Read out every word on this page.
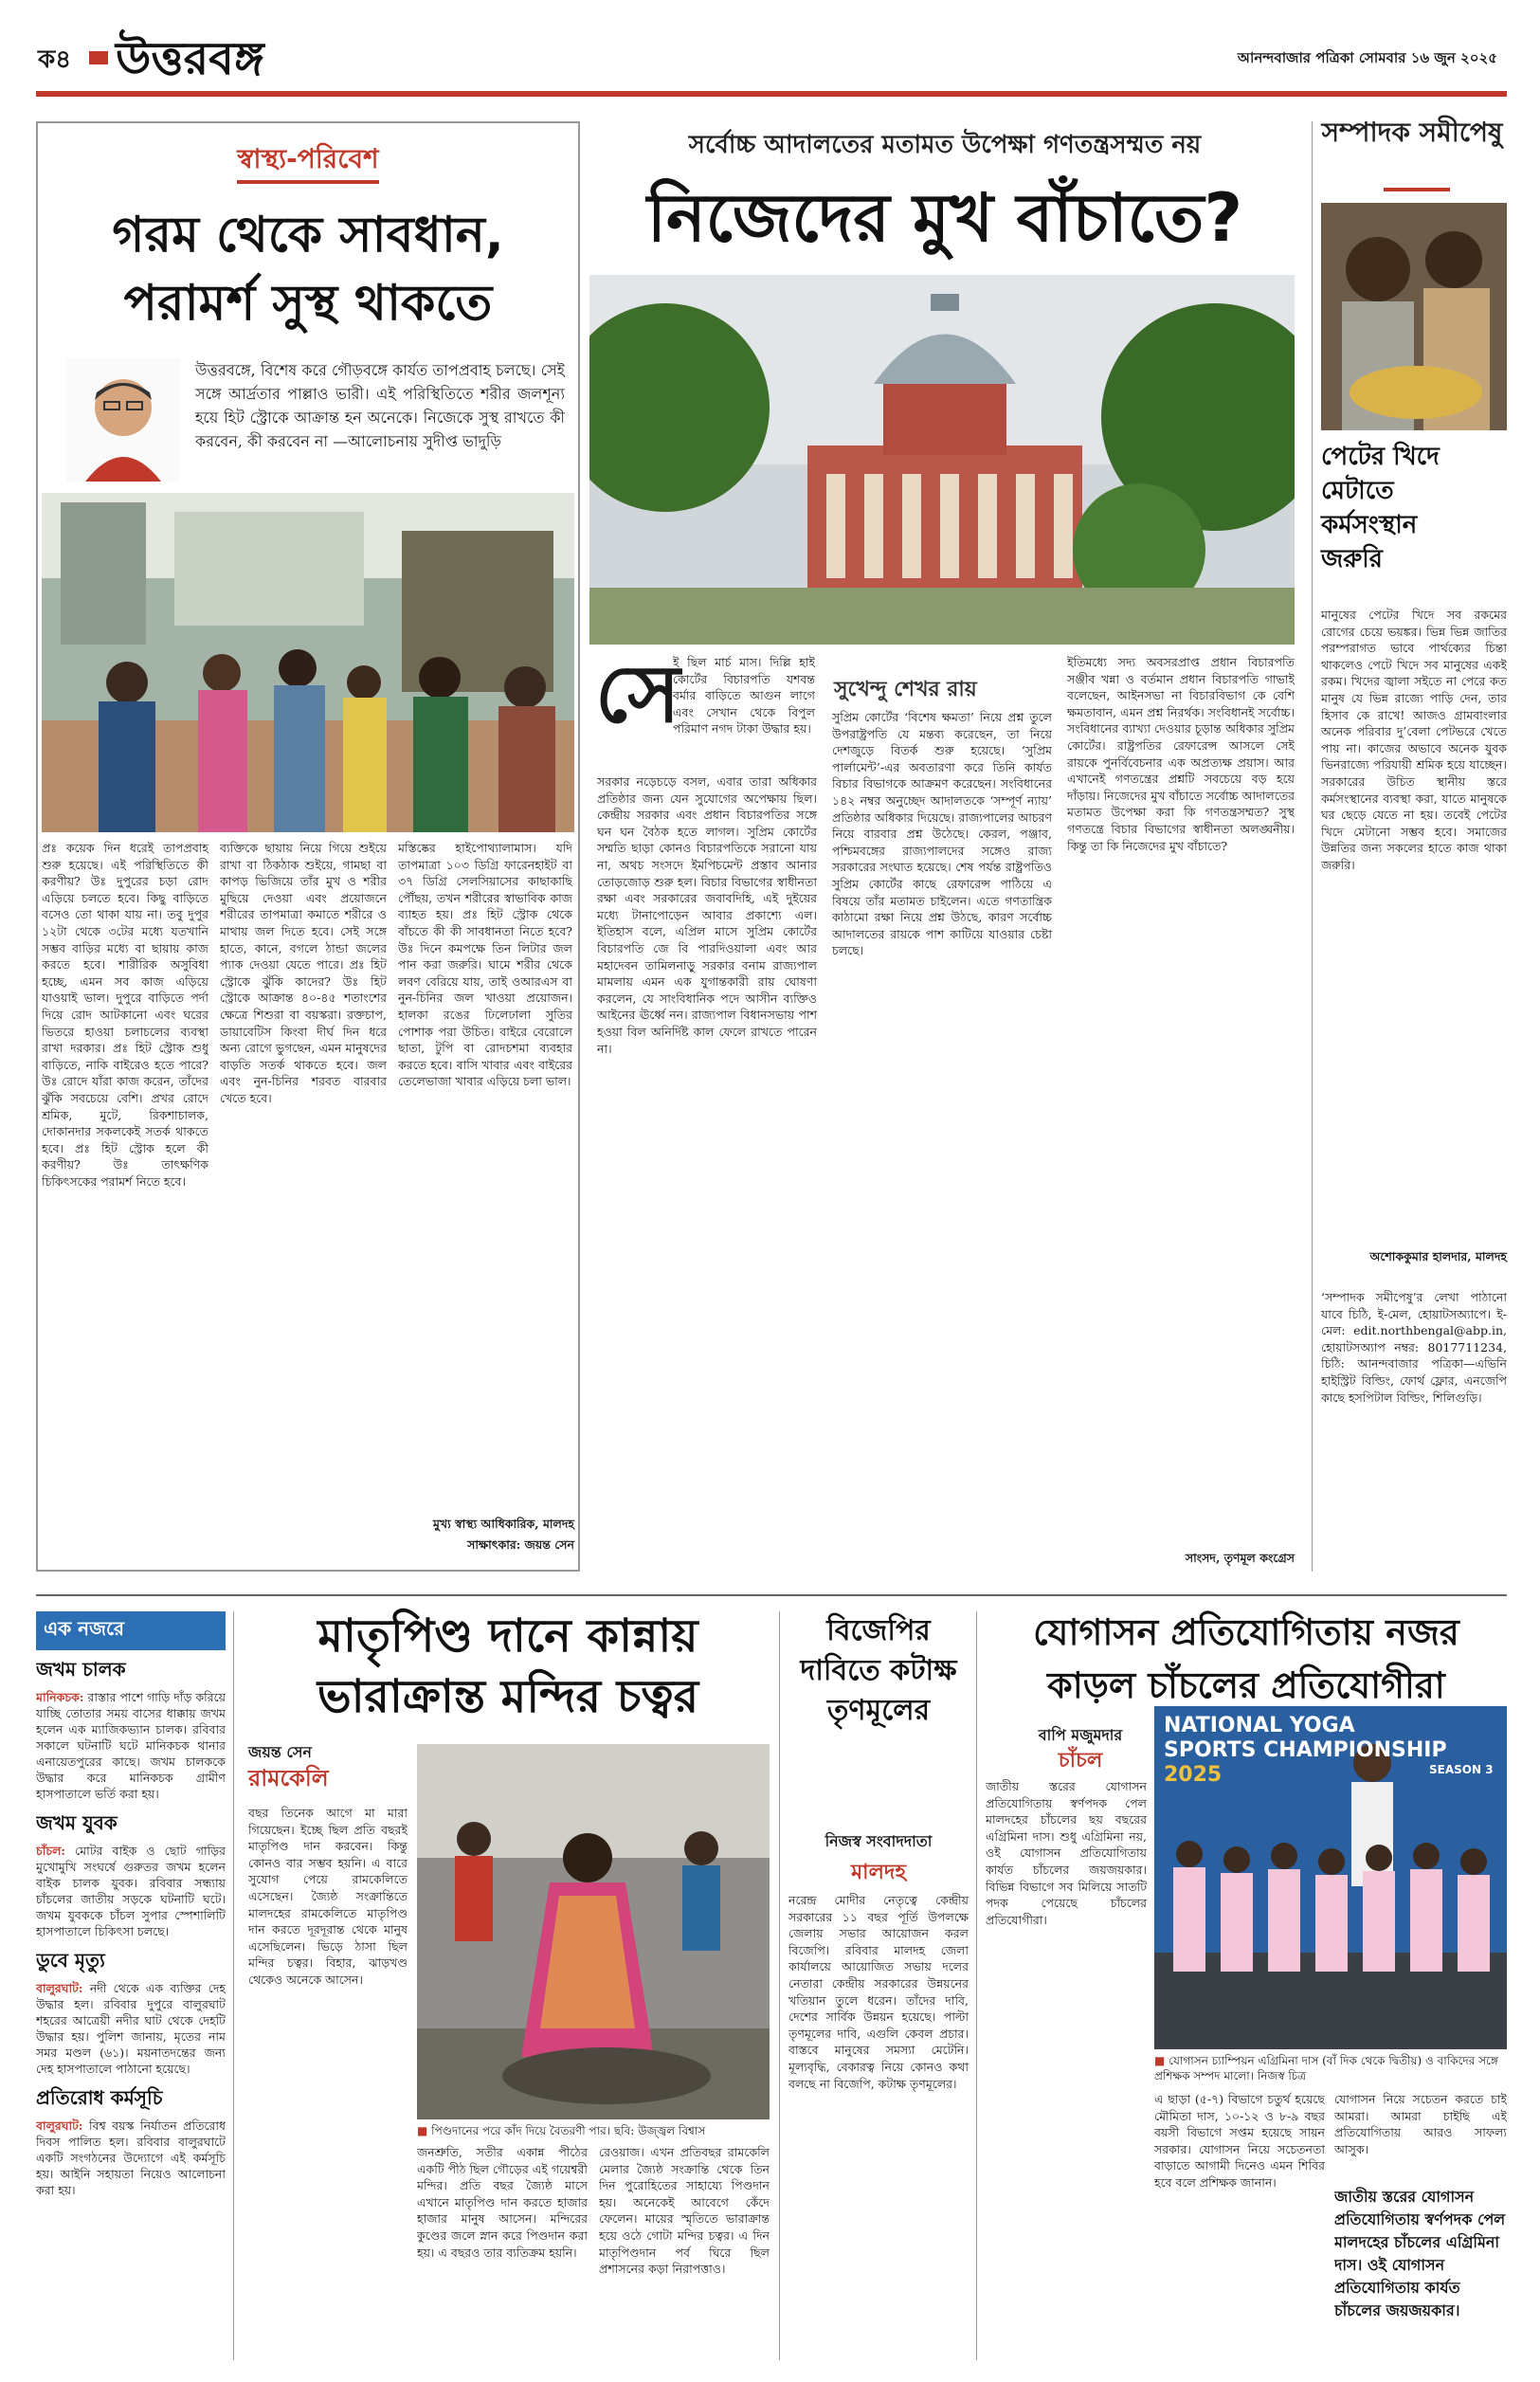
ক৪ উত্তরবঙ্গ	আনন্দবাজার পত্রিকা সোমবার ১৬ জুন ২০২৫
স্বাস্থ্য-পরিবেশ
গরম থেকে সাবধান, পরামর্শ সুস্থ থাকতে
উত্তরবঙ্গে, বিশেষ করে গৌড়বঙ্গে কার্যত তাপপ্রবাহ চলছে। সেই সঙ্গে আর্দ্রতার পাল্লাও ভারী। এই পরিস্থিতিতে শরীর জলশূন্য হয়ে হিট স্ট্রোকে আক্রান্ত হন অনেকে। নিজেকে সুস্থ রাখতে কী করবেন, কী করবেন না —আলোচনায় সুদীপ্ত ভাদুড়ি
প্রঃ কয়েক দিন ধরেই তাপপ্রবাহ শুরু হয়েছে। এই পরিস্থিতিতে কী করণীয়? উঃ দুপুরের চড়া রোদ এড়িয়ে চলতে হবে। কিছু বাড়িতে বসেও তো থাকা যায় না। তবু দুপুর ১২টা থেকে ৩টের মধ্যে যতখানি সম্ভব বাড়ির মধ্যে বা ছায়ায় কাজ করতে হবে। শারীরিক অসুবিধা হচ্ছে, এমন সব কাজ এড়িয়ে যাওয়াই ভাল। দুপুরে বাড়িতে পর্দা দিয়ে রোদ আটকানো এবং ঘরের ভিতরে হাওয়া চলাচলের ব্যবস্থা রাখা দরকার। প্রঃ হিট স্ট্রোক শুধু বাড়িতে, নাকি বাইরেও হতে পারে? উঃ রোদে যাঁরা কাজ করেন, তাঁদের ঝুঁকি সবচেয়ে বেশি। প্রখর রোদে শ্রমিক, মুটে, রিকশাচালক, দোকানদার সকলকেই সতর্ক থাকতে হবে। প্রঃ হিট স্ট্রোক হলে কী করণীয়? উঃ তাৎক্ষণিক চিকিৎসকের পরামর্শ নিতে হবে।
ব্যক্তিকে ছায়ায় নিয়ে গিয়ে শুইয়ে রাখা বা ঠিকঠাক শুইয়ে, গামছা বা কাপড় ভিজিয়ে তাঁর মুখ ও শরীর মুছিয়ে দেওয়া এবং প্রয়োজনে শরীরের তাপমাত্রা কমাতে শরীরে ও মাথায় জল দিতে হবে। সেই সঙ্গে হাতে, কানে, বগলে ঠান্ডা জলের প্যাক দেওয়া যেতে পারে। প্রঃ হিট স্ট্রোকে ঝুঁকি কাদের? উঃ হিট স্ট্রোকে আক্রান্ত ৪০-৪৫ শতাংশের ক্ষেত্রে শিশুরা বা বয়স্করা। রক্তচাপ, ডায়াবেটিস কিংবা দীর্ঘ দিন ধরে অন্য রোগে ভুগছেন, এমন মানুষদের বাড়তি সতর্ক থাকতে হবে। জল এবং নুন-চিনির শরবত বারবার খেতে হবে।
মস্তিষ্কের হাইপোথ্যালামাস। যদি তাপমাত্রা ১০৩ ডিগ্রি ফারেনহাইট বা ৩৭ ডিগ্রি সেলসিয়াসের কাছাকাছি পৌঁছয়, তখন শরীরের স্বাভাবিক কাজ ব্যাহত হয়। প্রঃ হিট স্ট্রোক থেকে বাঁচতে কী কী সাবধানতা নিতে হবে? উঃ দিনে কমপক্ষে তিন লিটার জল পান করা জরুরি। ঘামে শরীর থেকে লবণ বেরিয়ে যায়, তাই ওআরএস বা নুন-চিনির জল খাওয়া প্রয়োজন। হালকা রঙের ঢিলেঢালা সুতির পোশাক পরা উচিত। বাইরে বেরোলে ছাতা, টুপি বা রোদচশমা ব্যবহার করতে হবে। বাসি খাবার এবং বাইরের তেলেভাজা খাবার এড়িয়ে চলা ভাল।
মুখ্য স্বাস্থ্য আধিকারিক, মালদহ
সাক্ষাৎকার: জয়ন্ত সেন
সর্বোচ্চ আদালতের মতামত উপেক্ষা গণতন্ত্রসম্মত নয়
নিজেদের মুখ বাঁচাতে?
সে
ই ছিল মার্চ মাস। দিল্লি হাই কোর্টের বিচারপতি যশবন্ত বর্মার বাড়িতে আগুন লাগে এবং সেখান থেকে বিপুল পরিমাণ নগদ টাকা উদ্ধার হয়।
সুখেন্দু শেখর রায়
সরকার নড়েচড়ে বসল, এবার তারা অধিকার প্রতিষ্ঠার জন্য যেন সুযোগের অপেক্ষায় ছিল। কেন্দ্রীয় সরকার এবং প্রধান বিচারপতির সঙ্গে ঘন ঘন বৈঠক হতে লাগল। সুপ্রিম কোর্টের সম্মতি ছাড়া কোনও বিচারপতিকে সরানো যায় না, অথচ সংসদে ইমপিচমেন্ট প্রস্তাব আনার তোড়জোড় শুরু হল। বিচার বিভাগের স্বাধীনতা রক্ষা এবং সরকারের জবাবদিহি, এই দুইয়ের মধ্যে টানাপোড়েন আবার প্রকাশ্যে এল। ইতিহাস বলে, এপ্রিল মাসে সুপ্রিম কোর্টের বিচারপতি জে বি পারদিওয়ালা এবং আর মহাদেবন তামিলনাড়ু সরকার বনাম রাজ্যপাল মামলায় এমন এক যুগান্তকারী রায় ঘোষণা করলেন, যে সাংবিধানিক পদে আসীন ব্যক্তিও আইনের ঊর্ধ্বে নন। রাজ্যপাল বিধানসভায় পাশ হওয়া বিল অনির্দিষ্ট কাল ফেলে রাখতে পারেন না।
সুপ্রিম কোর্টের ‘বিশেষ ক্ষমতা’ নিয়ে প্রশ্ন তুলে উপরাষ্ট্রপতি যে মন্তব্য করেছেন, তা নিয়ে দেশজুড়ে বিতর্ক শুরু হয়েছে। ‘সুপ্রিম পার্লামেন্ট’-এর অবতারণা করে তিনি কার্যত বিচার বিভাগকে আক্রমণ করেছেন। সংবিধানের ১৪২ নম্বর অনুচ্ছেদ আদালতকে ‘সম্পূর্ণ ন্যায়’ প্রতিষ্ঠার অধিকার দিয়েছে। রাজ্যপালের আচরণ নিয়ে বারবার প্রশ্ন উঠেছে। কেরল, পঞ্জাব, পশ্চিমবঙ্গের রাজ্যপালদের সঙ্গেও রাজ্য সরকারের সংঘাত হয়েছে। শেষ পর্যন্ত রাষ্ট্রপতিও সুপ্রিম কোর্টের কাছে রেফারেন্স পাঠিয়ে এ বিষয়ে তাঁর মতামত চাইলেন। এতে গণতান্ত্রিক কাঠামো রক্ষা নিয়ে প্রশ্ন উঠছে, কারণ সর্বোচ্চ আদালতের রায়কে পাশ কাটিয়ে যাওয়ার চেষ্টা চলছে।
ইতিমধ্যে সদ্য অবসরপ্রাপ্ত প্রধান বিচারপতি সঞ্জীব খন্না ও বর্তমান প্রধান বিচারপতি গাভাই বলেছেন, আইনসভা না বিচারবিভাগ কে বেশি ক্ষমতাবান, এমন প্রশ্ন নিরর্থক। সংবিধানই সর্বোচ্চ। সংবিধানের ব্যাখ্যা দেওয়ার চূড়ান্ত অধিকার সুপ্রিম কোর্টের। রাষ্ট্রপতির রেফারেন্স আসলে সেই রায়কে পুনর্বিবেচনার এক অপ্রত্যক্ষ প্রয়াস। আর এখানেই গণতন্ত্রের প্রশ্নটি সবচেয়ে বড় হয়ে দাঁড়ায়। নিজেদের মুখ বাঁচাতে সর্বোচ্চ আদালতের মতামত উপেক্ষা করা কি গণতন্ত্রসম্মত? সুস্থ গণতন্ত্রে বিচার বিভাগের স্বাধীনতা অলঙ্ঘনীয়। কিন্তু তা কি নিজেদের মুখ বাঁচাতে?
সাংসদ, তৃণমূল কংগ্রেস
সম্পাদক সমীপেষু
পেটের খিদে মেটাতে কর্মসংস্থান জরুরি
মানুষের পেটের খিদে সব রকমের রোগের চেয়ে ভয়ঙ্কর। ভিন্ন ভিন্ন জাতির পরম্পরাগত ভাবে পার্থক্যের চিন্তা থাকলেও পেটে খিদে সব মানুষের একই রকম। খিদের জ্বালা সইতে না পেরে কত মানুষ যে ভিন্ন রাজ্যে পাড়ি দেন, তার হিসাব কে রাখে! আজও গ্রামবাংলার অনেক পরিবার দু’বেলা পেটভরে খেতে পায় না। কাজের অভাবে অনেক যুবক ভিনরাজ্যে পরিযায়ী শ্রমিক হয়ে যাচ্ছেন। সরকারের উচিত স্থানীয় স্তরে কর্মসংস্থানের ব্যবস্থা করা, যাতে মানুষকে ঘর ছেড়ে যেতে না হয়। তবেই পেটের খিদে মেটানো সম্ভব হবে। সমাজের উন্নতির জন্য সকলের হাতে কাজ থাকা জরুরি।
অশোককুমার হালদার, মালদহ
‘সম্পাদক সমীপেষু’র লেখা পাঠানো যাবে চিঠি, ই-মেল, হোয়াটসঅ্যাপে। ই-মেল: edit.northbengal@abp.in, হোয়াটসঅ্যাপ নম্বর: 8017711234, চিঠি: আনন্দবাজার পত্রিকা—এভিনি হাইস্ট্রিট বিল্ডিং, ফোর্থ ফ্লোর, এনজেপি কাছে হসপিটাল বিল্ডিং, শিলিগুড়ি।
এক নজরে
জখম চালক
মানিকচক: রাস্তার পাশে গাড়ি দাঁড় করিয়ে যাচ্ছি তোতার সময় বাসের ধাক্কায় জখম হলেন এক ম্যাজিকভ্যান চালক। রবিবার সকালে ঘটনাটি ঘটে মানিকচক থানার এনায়েতপুরের কাছে। জখম চালককে উদ্ধার করে মানিকচক গ্রামীণ হাসপাতালে ভর্তি করা হয়।
জখম যুবক
চাঁচল: মোটর বাইক ও ছোট গাড়ির মুখোমুখি সংঘর্ষে গুরুতর জখম হলেন বাইক চালক যুবক। রবিবার সন্ধ্যায় চাঁচলের জাতীয় সড়কে ঘটনাটি ঘটে। জখম যুবককে চাঁচল সুপার স্পেশালিটি হাসপাতালে চিকিৎসা চলছে।
ডুবে মৃত্যু
বালুরঘাট: নদী থেকে এক ব্যক্তির দেহ উদ্ধার হল। রবিবার দুপুরে বালুরঘাট শহরের আত্রেয়ী নদীর ঘাট থেকে দেহটি উদ্ধার হয়। পুলিশ জানায়, মৃতের নাম সমর মণ্ডল (৬১)। ময়নাতদন্তের জন্য দেহ হাসপাতালে পাঠানো হয়েছে।
প্রতিরোধ কর্মসূচি
বালুরঘাট: বিশ্ব বয়স্ক নির্যাতন প্রতিরোধ দিবস পালিত হল। রবিবার বালুরঘাটে একটি সংগঠনের উদ্যোগে এই কর্মসূচি হয়। আইনি সহায়তা নিয়েও আলোচনা করা হয়।
মাতৃপিণ্ড দানে কান্নায় ভারাক্রান্ত মন্দির চত্বর
জয়ন্ত সেন
রামকেলি
বছর তিনেক আগে মা মারা গিয়েছেন। ইচ্ছে ছিল প্রতি বছরই মাতৃপিণ্ড দান করবেন। কিন্তু কোনও বার সম্ভব হয়নি। এ বারে সুযোগ পেয়ে রামকেলিতে এসেছেন। জ্যৈষ্ঠ সংক্রান্তিতে মালদহের রামকেলিতে মাতৃপিণ্ড দান করতে দূরদূরান্ত থেকে মানুষ এসেছিলেন। ভিড়ে ঠাসা ছিল মন্দির চত্বর। বিহার, ঝাড়খণ্ড থেকেও অনেকে আসেন।
■ পিণ্ডদানের পরে কাঁদ দিয়ে বৈতরণী পার। ছবি: উজ্জ্বল বিশ্বাস
জনশ্রুতি, সতীর একান্ন পীঠের একটি পীঠ ছিল গৌড়ের এই গয়েশ্বরী মন্দির। প্রতি বছর জ্যৈষ্ঠ মাসে এখানে মাতৃপিণ্ড দান করতে হাজার হাজার মানুষ আসেন। মন্দিরের কুণ্ডের জলে স্নান করে পিণ্ডদান করা হয়। এ বছরও তার ব্যতিক্রম হয়নি।
রেওয়াজ। এখন প্রতিবছর রামকেলি মেলার জ্যৈষ্ঠ সংক্রান্তি থেকে তিন দিন পুরোহিতের সাহায্যে পিণ্ডদান হয়। অনেকেই আবেগে কেঁদে ফেলেন। মায়ের স্মৃতিতে ভারাক্রান্ত হয়ে ওঠে গোটা মন্দির চত্বর। এ দিন মাতৃপিণ্ডদান পর্ব ঘিরে ছিল প্রশাসনের কড়া নিরাপত্তাও।
বিজেপির দাবিতে কটাক্ষ তৃণমূলের
নিজস্ব সংবাদদাতা
মালদহ
নরেন্দ্র মোদীর নেতৃত্বে কেন্দ্রীয় সরকারের ১১ বছর পূর্তি উপলক্ষে জেলায় সভার আয়োজন করল বিজেপি। রবিবার মালদহ জেলা কার্যালয়ে আয়োজিত সভায় দলের নেতারা কেন্দ্রীয় সরকারের উন্নয়নের খতিয়ান তুলে ধরেন। তাঁদের দাবি, দেশের সার্বিক উন্নয়ন হয়েছে। পাল্টা তৃণমূলের দাবি, এগুলি কেবল প্রচার। বাস্তবে মানুষের সমস্যা মেটেনি। মূল্যবৃদ্ধি, বেকারত্ব নিয়ে কোনও কথা বলছে না বিজেপি, কটাক্ষ তৃণমূলের।
যোগাসন প্রতিযোগিতায় নজর কাড়ল চাঁচলের প্রতিযোগীরা
বাপি মজুমদার
চাঁচল
জাতীয় স্তরের যোগাসন প্রতিযোগিতায় স্বর্ণপদক পেল মালদহের চাঁচলের ছয় বছরের এগ্রিমিনা দাস। শুধু এগ্রিমিনা নয়, ওই যোগাসন প্রতিযোগিতায় কার্যত চাঁচলের জয়জয়কার। বিভিন্ন বিভাগে সব মিলিয়ে সাতটি পদক পেয়েছে চাঁচলের প্রতিযোগীরা।
NATIONAL YOGA
SPORTS CHAMPIONSHIP
2025	SEASON 3
■ যোগাসন চ্যাম্পিয়ন এগ্রিমিনা দাস (বাঁ দিক থেকে দ্বিতীয়) ও বাকিদের সঙ্গে প্রশিক্ষক সম্পদ মালো। নিজস্ব চিত্র
এ ছাড়া (৫-৭) বিভাগে চতুর্থ হয়েছে মৌমিতা দাস, ১০-১২ ও ৮-৯ বছর বয়সী বিভাগে সপ্তম হয়েছে সায়ন সরকার। যোগাসন নিয়ে সচেতনতা বাড়াতে আগামী দিনেও এমন শিবির হবে বলে প্রশিক্ষক জানান।
যোগাসন নিয়ে সচেতন করতে চাই আমরা। আমরা চাইছি এই প্রতিযোগিতায় আরও সাফল্য আসুক।
জাতীয় স্তরের যোগাসন প্রতিযোগিতায় স্বর্ণপদক পেল মালদহের চাঁচলের এগ্রিমিনা দাস। ওই যোগাসন প্রতিযোগিতায় কার্যত চাঁচলের জয়জয়কার।
